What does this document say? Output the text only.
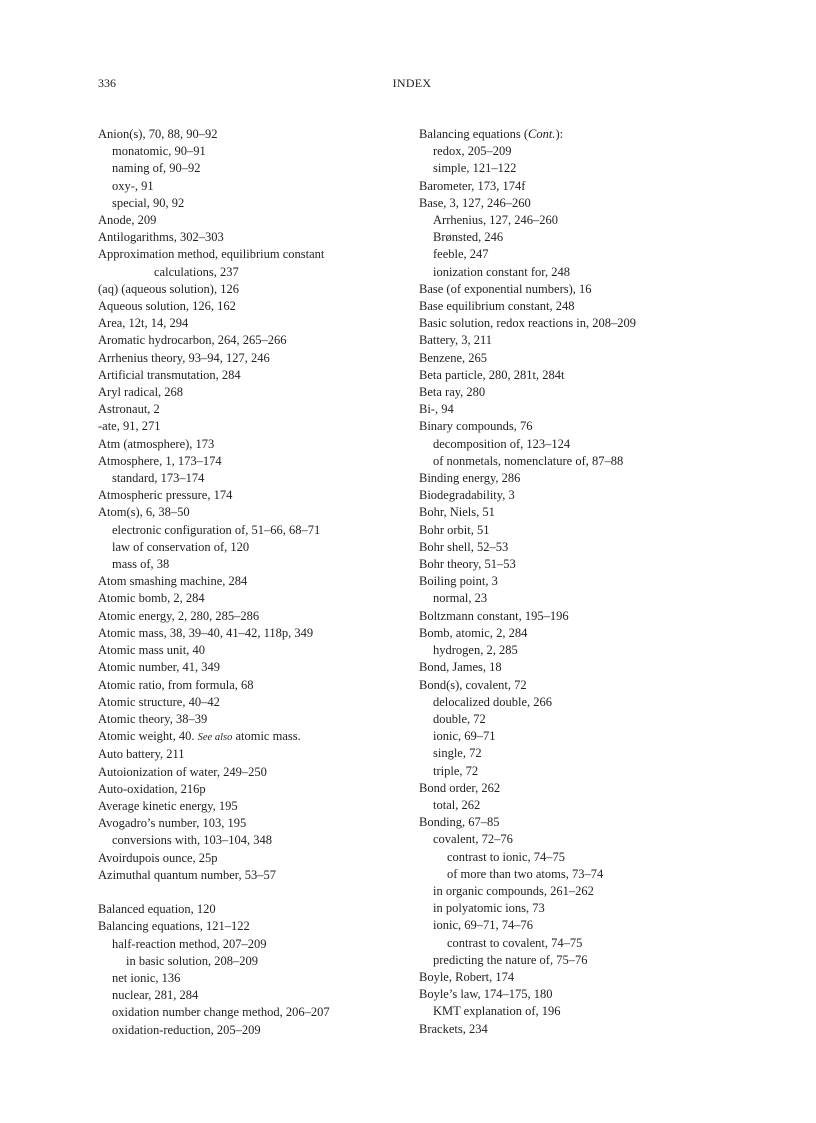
336	INDEX
Anion(s), 70, 88, 90–92
monatomic, 90–91
naming of, 90–92
oxy-, 91
special, 90, 92
Anode, 209
Antilogarithms, 302–303
Approximation method, equilibrium constant
calculations, 237
(aq) (aqueous solution), 126
Aqueous solution, 126, 162
Area, 12t, 14, 294
Aromatic hydrocarbon, 264, 265–266
Arrhenius theory, 93–94, 127, 246
Artificial transmutation, 284
Aryl radical, 268
Astronaut, 2
-ate, 91, 271
Atm (atmosphere), 173
Atmosphere, 1, 173–174
standard, 173–174
Atmospheric pressure, 174
Atom(s), 6, 38–50
electronic configuration of, 51–66, 68–71
law of conservation of, 120
mass of, 38
Atom smashing machine, 284
Atomic bomb, 2, 284
Atomic energy, 2, 280, 285–286
Atomic mass, 38, 39–40, 41–42, 118p, 349
Atomic mass unit, 40
Atomic number, 41, 349
Atomic ratio, from formula, 68
Atomic structure, 40–42
Atomic theory, 38–39
Atomic weight, 40. See also atomic mass.
Auto battery, 211
Autoionization of water, 249–250
Auto-oxidation, 216p
Average kinetic energy, 195
Avogadro’s number, 103, 195
conversions with, 103–104, 348
Avoirdupois ounce, 25p
Azimuthal quantum number, 53–57
Balanced equation, 120
Balancing equations, 121–122
half-reaction method, 207–209
in basic solution, 208–209
net ionic, 136
nuclear, 281, 284
oxidation number change method, 206–207
oxidation-reduction, 205–209
Balancing equations (Cont.):
redox, 205–209
simple, 121–122
Barometer, 173, 174f
Base, 3, 127, 246–260
Arrhenius, 127, 246–260
Brønsted, 246
feeble, 247
ionization constant for, 248
Base (of exponential numbers), 16
Base equilibrium constant, 248
Basic solution, redox reactions in, 208–209
Battery, 3, 211
Benzene, 265
Beta particle, 280, 281t, 284t
Beta ray, 280
Bi-, 94
Binary compounds, 76
decomposition of, 123–124
of nonmetals, nomenclature of, 87–88
Binding energy, 286
Biodegradability, 3
Bohr, Niels, 51
Bohr orbit, 51
Bohr shell, 52–53
Bohr theory, 51–53
Boiling point, 3
normal, 23
Boltzmann constant, 195–196
Bomb, atomic, 2, 284
hydrogen, 2, 285
Bond, James, 18
Bond(s), covalent, 72
delocalized double, 266
double, 72
ionic, 69–71
single, 72
triple, 72
Bond order, 262
total, 262
Bonding, 67–85
covalent, 72–76
contrast to ionic, 74–75
of more than two atoms, 73–74
in organic compounds, 261–262
in polyatomic ions, 73
ionic, 69–71, 74–76
contrast to covalent, 74–75
predicting the nature of, 75–76
Boyle, Robert, 174
Boyle’s law, 174–175, 180
KMT explanation of, 196
Brackets, 234
